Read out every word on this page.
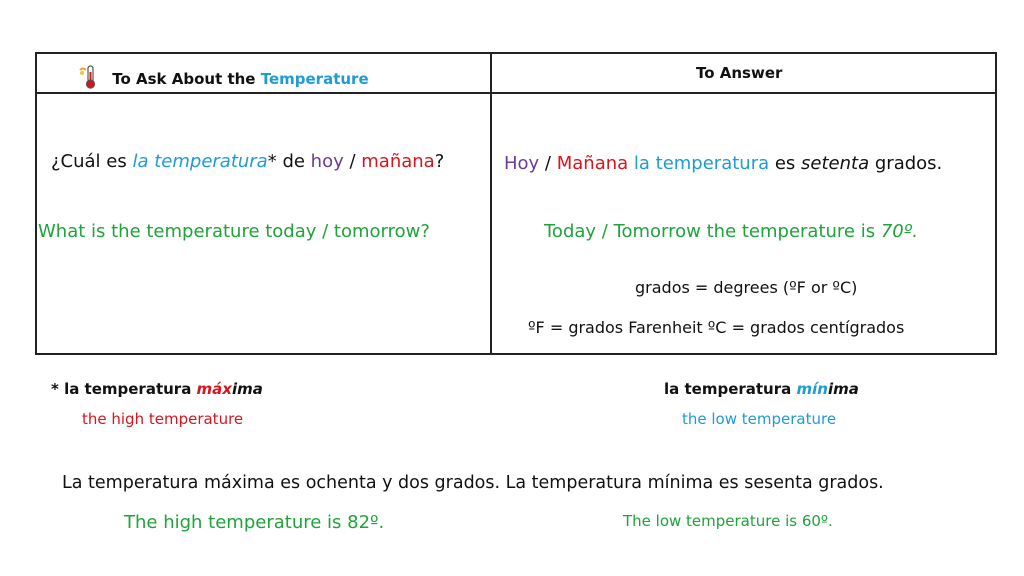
To Ask About the Temperature	To Answer
¿Cuál es la temperatura* de hoy / mañana?
What is the temperature today / tomorrow?
Hoy / Mañana la temperatura es setenta grados.
Today / Tomorrow the temperature is 70º.
grados = degrees (ºF or ºC)
ºF = grados Farenheit ºC = grados centígrados
* la temperatura máxima
the high temperature
la temperatura mínima
the low temperature
La temperatura máxima es ochenta y dos grados. La temperatura mínima es sesenta grados.
The high temperature is 82º.	The low temperature is 60º.
